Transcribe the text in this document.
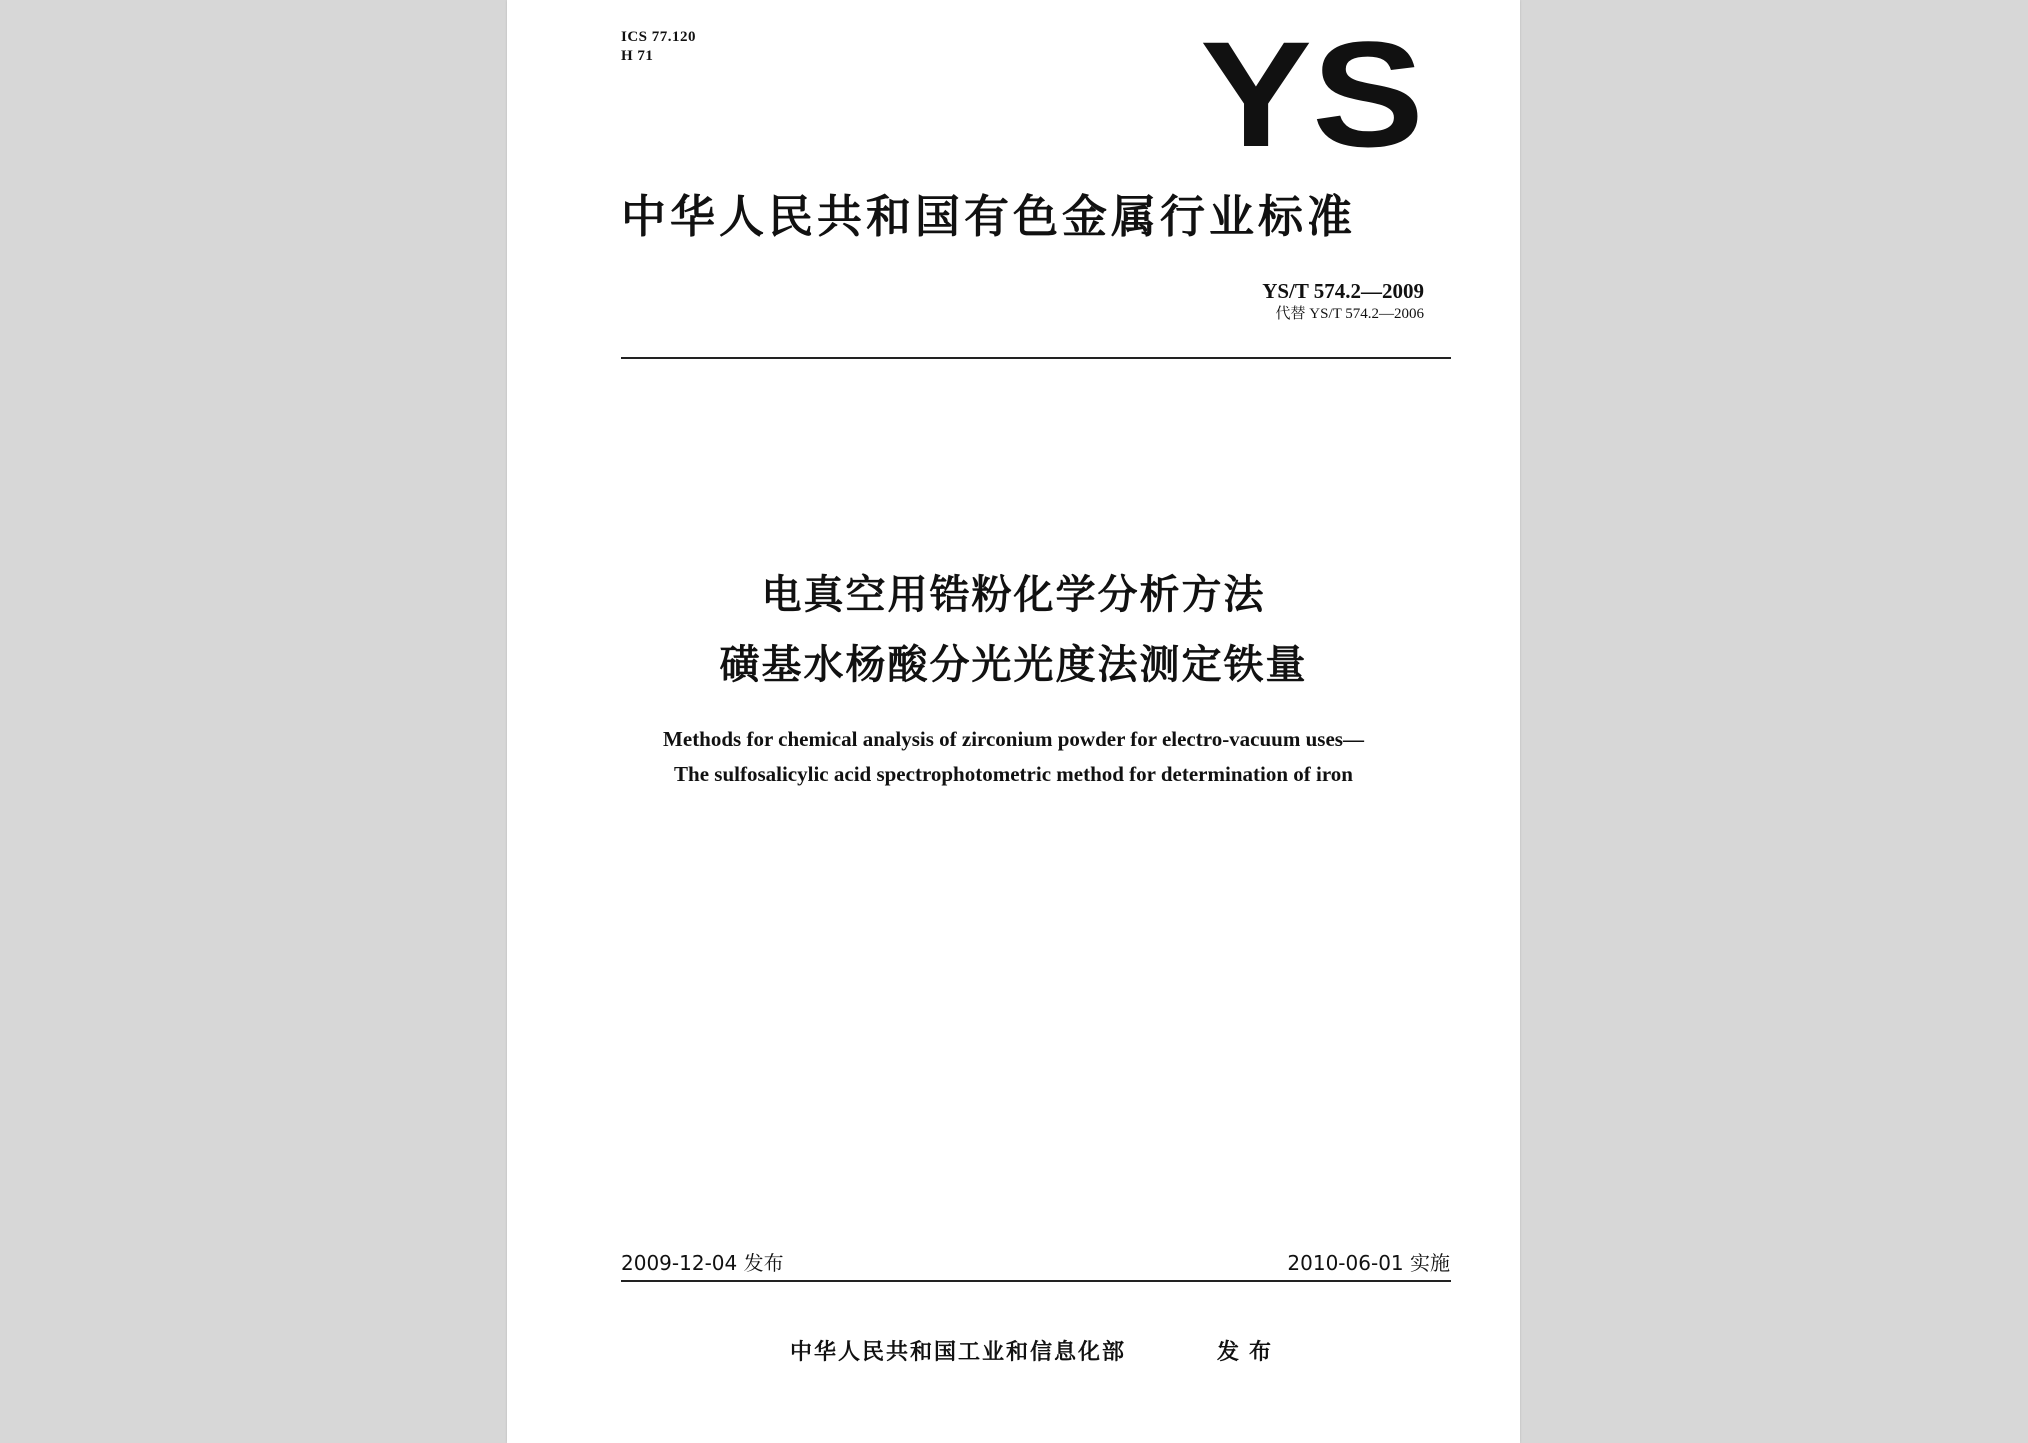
ICS 77.120
H 71	YS
中华人民共和国有色金属行业标准
YS/T 574.2—2009
代替 YS/T 574.2—2006
电真空用锆粉化学分析方法
磺基水杨酸分光光度法测定铁量
Methods for chemical analysis of zirconium powder for electro-vacuum uses—
The sulfosalicylic acid spectrophotometric method for determination of iron
2009-12-04 发布	2010-06-01 实施
中华人民共和国工业和信息化部	发布
